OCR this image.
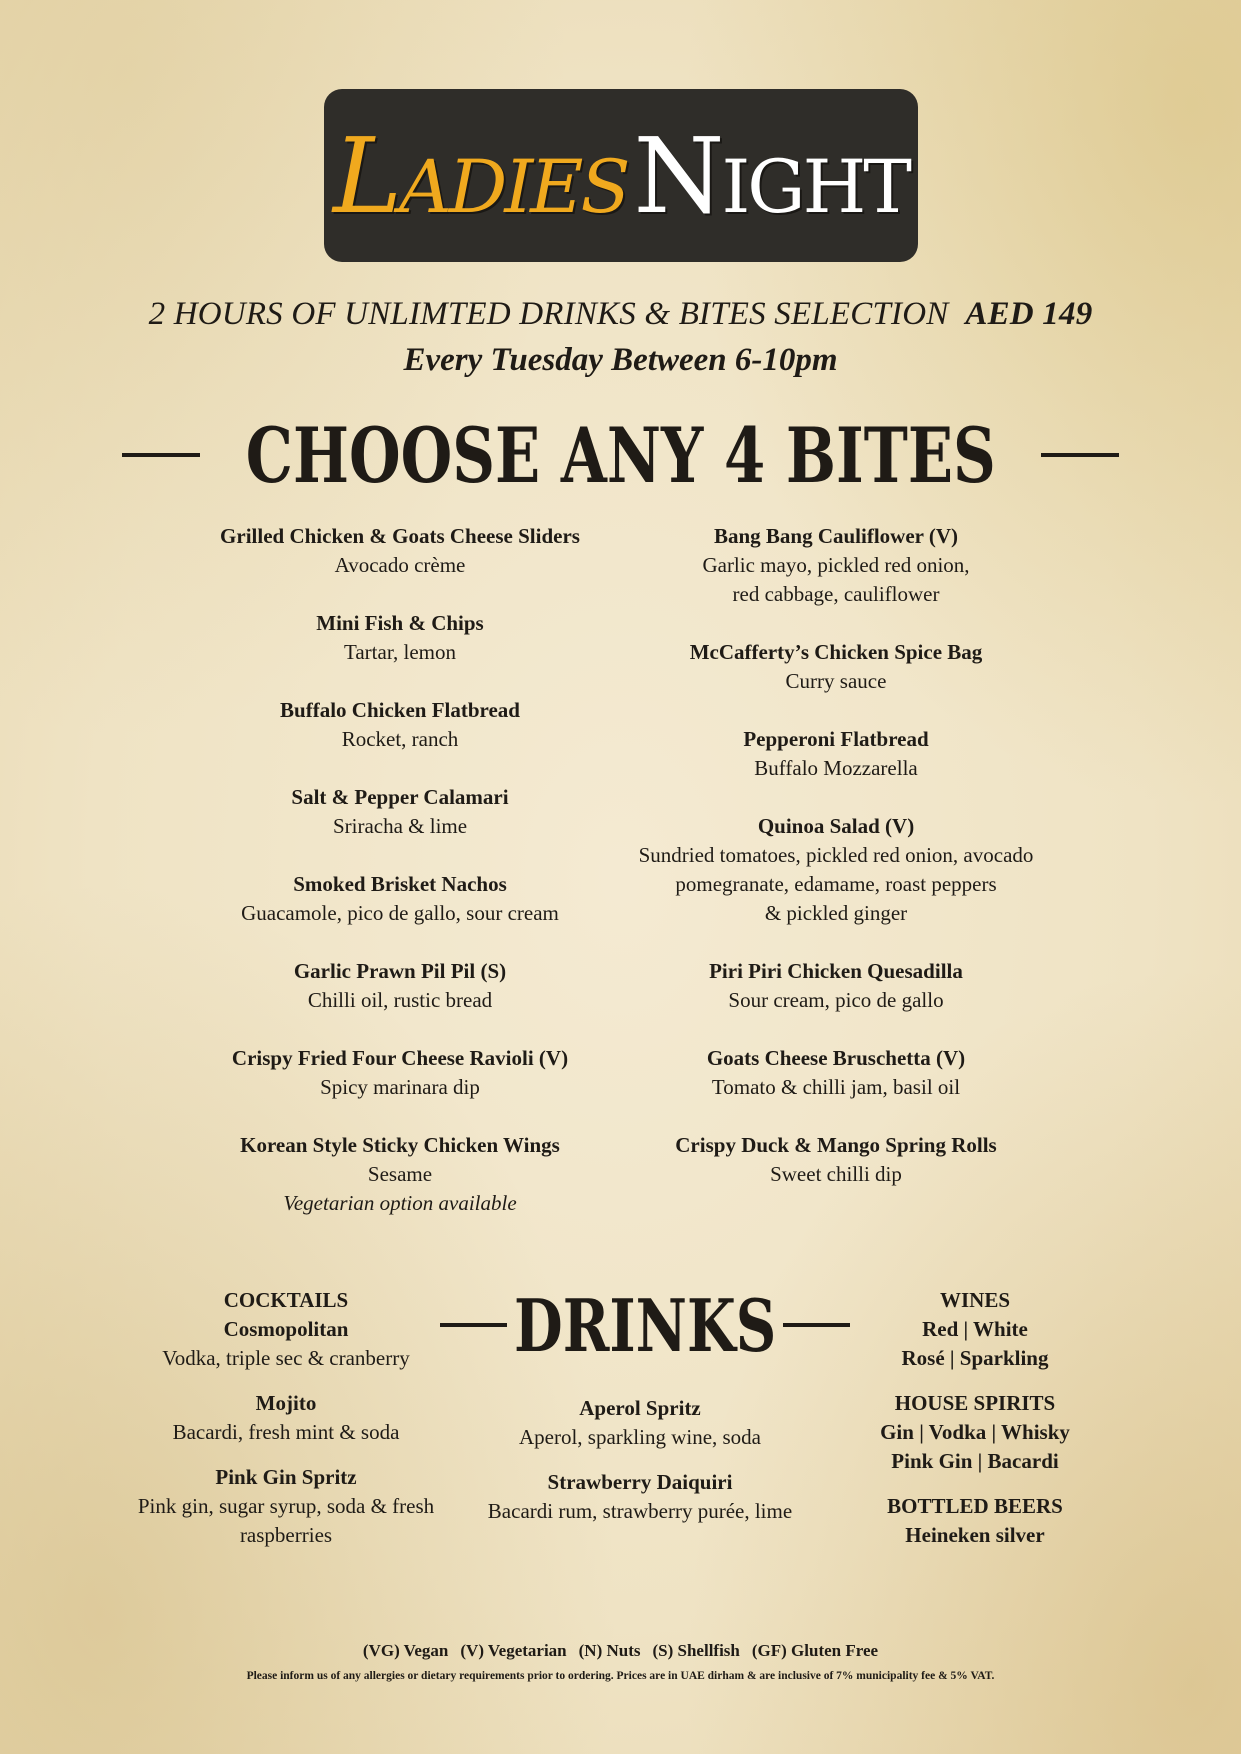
Ladies Night
2 HOURS OF UNLIMTED DRINKS & BITES SELECTION AED 149
Every Tuesday Between 6-10pm
CHOOSE ANY 4 BITES
Grilled Chicken & Goats Cheese Sliders
Avocado crème
Mini Fish & Chips
Tartar, lemon
Buffalo Chicken Flatbread
Rocket, ranch
Salt & Pepper Calamari
Sriracha & lime
Smoked Brisket Nachos
Guacamole, pico de gallo, sour cream
Garlic Prawn Pil Pil (S)
Chilli oil, rustic bread
Crispy Fried Four Cheese Ravioli (V)
Spicy marinara dip
Korean Style Sticky Chicken Wings
Sesame
Vegetarian option available
Bang Bang Cauliflower (V)
Garlic mayo, pickled red onion,
red cabbage, cauliflower
McCafferty’s Chicken Spice Bag
Curry sauce
Pepperoni Flatbread
Buffalo Mozzarella
Quinoa Salad (V)
Sundried tomatoes, pickled red onion, avocado
pomegranate, edamame, roast peppers
& pickled ginger
Piri Piri Chicken Quesadilla
Sour cream, pico de gallo
Goats Cheese Bruschetta (V)
Tomato & chilli jam, basil oil
Crispy Duck & Mango Spring Rolls
Sweet chilli dip
DRINKS
COCKTAILS
Cosmopolitan
Vodka, triple sec & cranberry
Mojito
Bacardi, fresh mint & soda
Pink Gin Spritz
Pink gin, sugar syrup, soda & fresh
raspberries
Aperol Spritz
Aperol, sparkling wine, soda
Strawberry Daiquiri
Bacardi rum, strawberry purée, lime
WINES
Red | White
Rosé | Sparkling
HOUSE SPIRITS
Gin | Vodka | Whisky
Pink Gin | Bacardi
BOTTLED BEERS
Heineken silver
(VG) Vegan (V) Vegetarian (N) Nuts (S) Shellfish (GF) Gluten Free
Please inform us of any allergies or dietary requirements prior to ordering. Prices are in UAE dirham & are inclusive of 7% municipality fee & 5% VAT.
